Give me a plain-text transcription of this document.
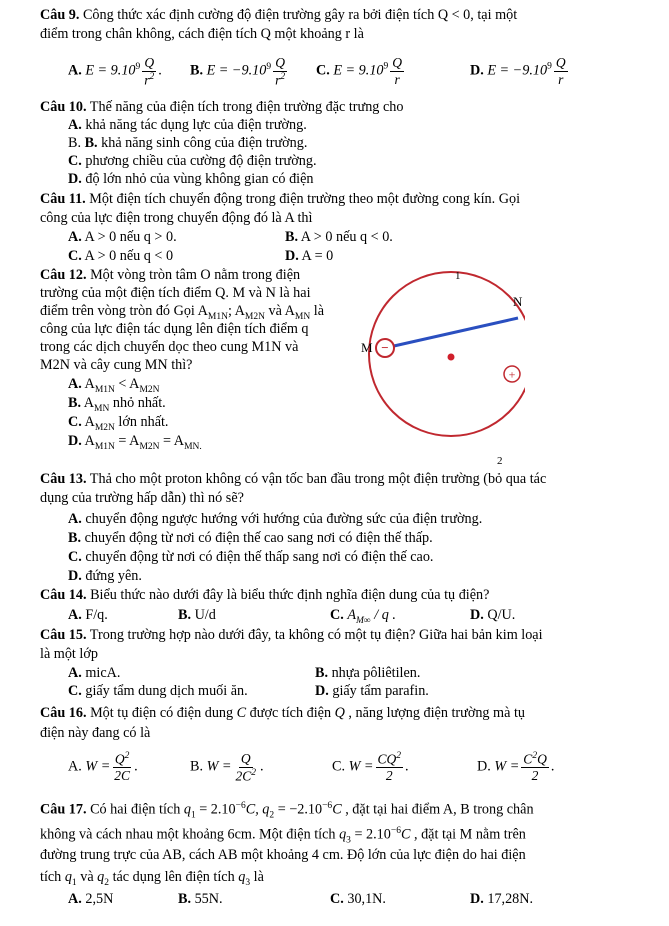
Câu 9. Công thức xác định cường độ điện trường gây ra bởi điện tích Q < 0, tại một
điểm trong chân không, cách điện tích Q một khoảng r là
A. $E = 9.10^9 \frac{Q}{r^2}$ . B. $E = -9.10^9 \frac{Q}{r^2} C$. $E = 9.10^9 \frac{Q}{r}$	D. $E = -9.10^9 \frac{Q}{r}$
Câu 10. Thế năng của điện tích trong điện trường đặc trưng cho
A. khả năng tác dụng lực của điện trường.
B. B. khả năng sinh công của điện trường.
C. phương chiều của cường độ điện trường.
D. độ lớn nhỏ của vùng không gian có điện
Câu 11. Một điện tích chuyển động trong điện trường theo một đường cong kín. Gọi
công của lực điện trong chuyển động đó là A thì
A. A > 0 nếu q > 0.	B. A > 0 nếu q < 0.
C. A > 0 nếu q < 0	D. A = 0
Câu 12. Một vòng tròn tâm O nằm trong điện
trường của một điện tích điểm Q. M và N là hai
điểm trên vòng tròn đó Gọi $A_{M1N}$; $A_{M2N}$ và $A_{MN}$ là
công của lực điện tác dụng lên điện tích điểm q
trong các dịch chuyển dọc theo cung M1N và
M2N và cây cung MN thì?
A. $A_{M1N} < A_{M2N}$
B. $A_{MN}$ nhỏ nhất.
C. $A_{M2N}$ lớn nhất.
D. $A_{M1N} = A_{M2N} = A_{MN.}$
−
+
1
2
M
N
Câu 13. Thả cho một proton không có vận tốc ban đầu trong một điện trường (bỏ qua tác
dụng của trường hấp dẫn) thì nó sẽ?
A. chuyển động ngược hướng với hướng của đường sức của điện trường.
B. chuyển động từ nơi có điện thế cao sang nơi có điện thế thấp.
C. chuyển động từ nơi có điện thế thấp sang nơi có điện thế cao.
D. đứng yên.
Câu 14. Biểu thức nào dưới đây là biểu thức định nghĩa điện dung của tụ điện?
A. F/q.	B. U/d	C. $A_{M\infty}$ / q .	D. Q/U.
Câu 15. Trong trường hợp nào dưới đây, ta không có một tụ điện? Giữa hai bản kim loại
là một lớp
A. micA.	B. nhựa pôliêtilen.
C. giấy tẩm dung dịch muối ăn.	D. giấy tẩm parafin.
Câu 16. Một tụ điện có điện dung C được tích điện Q , năng lượng điện trường mà tụ
điện này đang có là
A. $W = \frac{Q^2}{2C}$ .	B. $W = \frac{Q}{2C^2}$ .	C. $W = \frac{CQ^2}{2}$ .	D. $W = \frac{C^2Q}{2}$ .
Câu 17. Có hai điện tích $q_1 = 2.10^{-6}C$, $q_2 = -2.10^{-6}C$ , đặt tại hai điểm A, B trong chân
không và cách nhau một khoảng 6cm. Một điện tích $q_3 = 2.10^{-6}C$ , đặt tại M nằm trên
đường trung trực của AB, cách AB một khoảng 4 cm. Độ lớn của lực điện do hai điện
tích $q_1$ và $q_2$ tác dụng lên điện tích $q_3$ là
A. 2,5N	B. 55N.	C. 30,1N.	D. 17,28N.
